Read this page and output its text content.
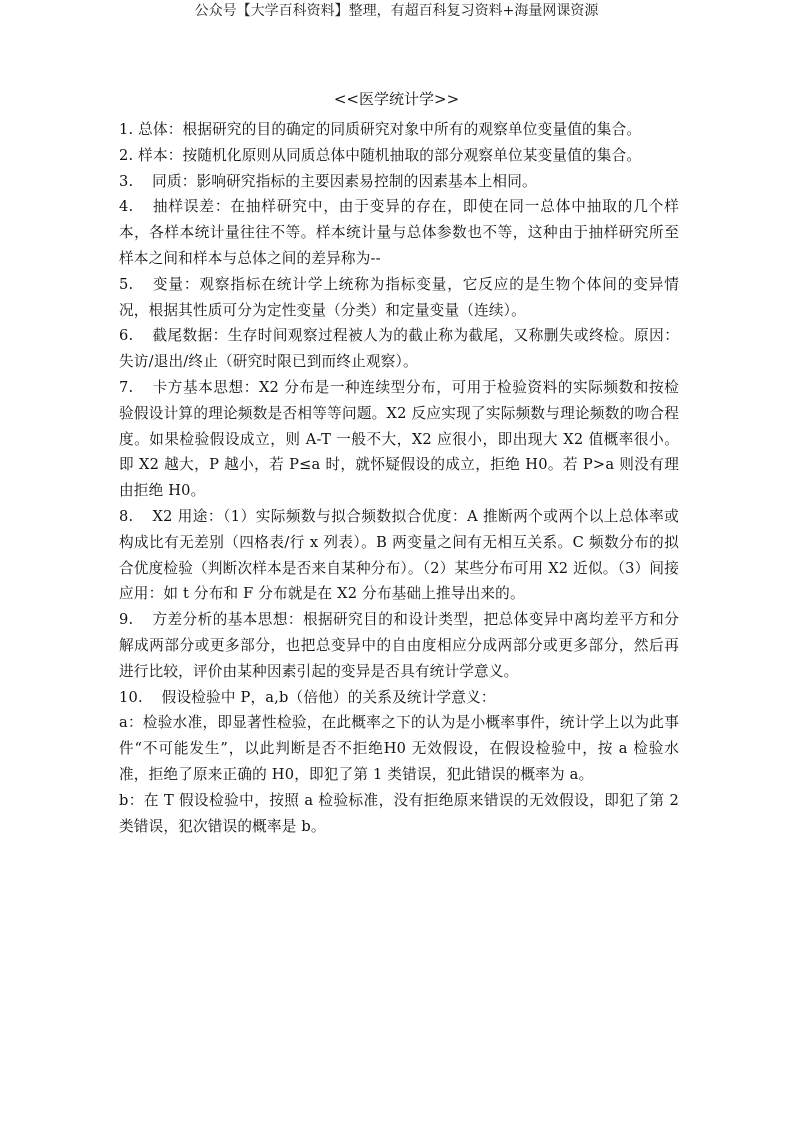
公众号【大学百科资料】整理，有超百科复习资料+海量网课资源
<<医学统计学>>

1. 总体：根据研究的目的确定的同质研究对象中所有的观察单位变量值的集合。

2. 样本：按随机化原则从同质总体中随机抽取的部分观察单位某变量值的集合。

3. 同质：影响研究指标的主要因素易控制的因素基本上相同。

4. 抽样误差：在抽样研究中，由于变异的存在，即使在同一总体中抽取的几个样本，各样本统计量往往不等。样本统计量与总体参数也不等，这种由于抽样研究所至样本之间和样本与总体之间的差异称为--

5. 变量：观察指标在统计学上统称为指标变量，它反应的是生物个体间的变异情况，根据其性质可分为定性变量（分类）和定量变量（连续）。

6. 截尾数据：生存时间观察过程被人为的截止称为截尾，又称删失或终检。原因：失访/退出/终止（研究时限已到而终止观察）。

7. 卡方基本思想：X2 分布是一种连续型分布，可用于检验资料的实际频数和按检验假设计算的理论频数是否相等等问题。X2 反应实现了实际频数与理论频数的吻合程度。如果检验假设成立，则 A-T 一般不大，X2 应很小，即出现大 X2 值概率很小。即 X2 越大，P 越小，若 P≤a 时，就怀疑假设的成立，拒绝 H0。若 P>a 则没有理由拒绝 H0。

8. X2 用途：（1）实际频数与拟合频数拟合优度：A 推断两个或两个以上总体率或构成比有无差别（四格表/行 x 列表）。B 两变量之间有无相互关系。C 频数分布的拟合优度检验（判断次样本是否来自某种分布）。（2）某些分布可用 X2 近似。（3）间接应用：如 t 分布和 F 分布就是在 X2 分布基础上推导出来的。

9. 方差分析的基本思想：根据研究目的和设计类型，把总体变异中离均差平方和分解成两部分或更多部分，也把总变异中的自由度相应分成两部分或更多部分，然后再进行比较，评价由某种因素引起的变异是否具有统计学意义。

10. 假设检验中 P，a,b（倍他）的关系及统计学意义：

a：检验水准，即显著性检验，在此概率之下的认为是小概率事件，统计学上以为此事件“不可能发生”，以此判断是否不拒绝H0 无效假设，在假设检验中，按 a 检验水准，拒绝了原来正确的 H0，即犯了第 1 类错误，犯此错误的概率为 a。

b：在 T 假设检验中，按照 a 检验标准，没有拒绝原来错误的无效假设，即犯了第 2 类错误，犯次错误的概率是 b。
